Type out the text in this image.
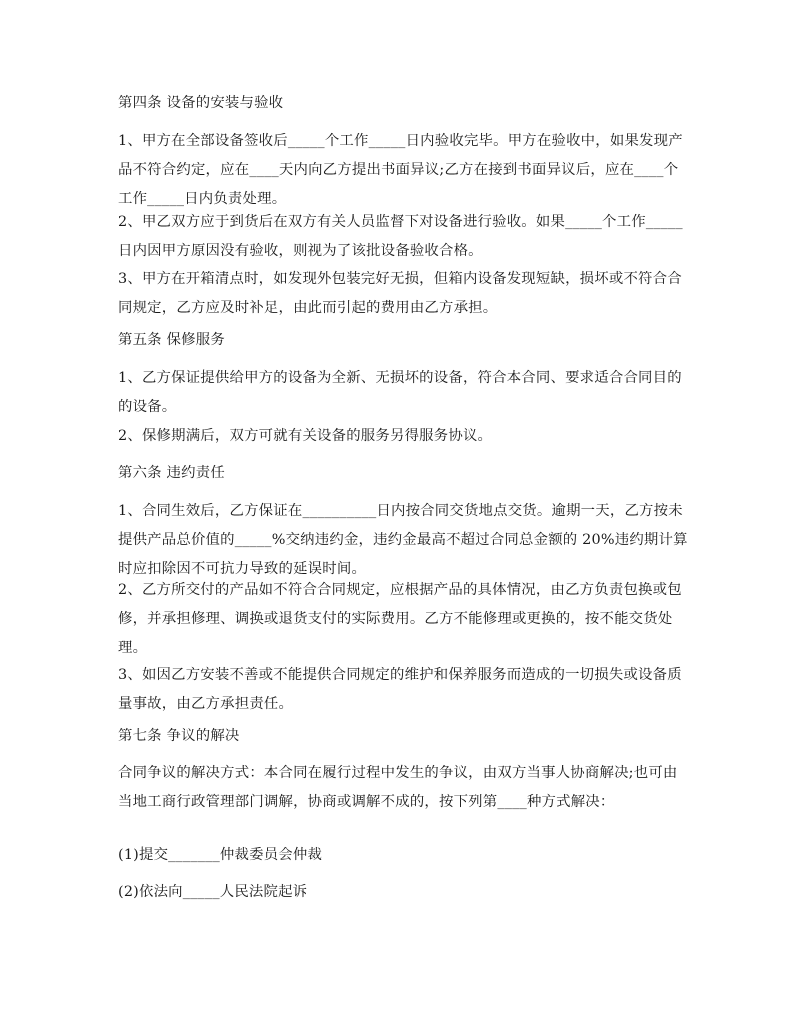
第四条 设备的安装与验收

1、甲方在全部设备签收后_____个工作_____日内验收完毕。甲方在验收中，如果发现产品不符合约定，应在____天内向乙方提出书面异议;乙方在接到书面异议后，应在____个工作_____日内负责处理。

2、甲乙双方应于到货后在双方有关人员监督下对设备进行验收。如果_____个工作_____日内因甲方原因没有验收，则视为了该批设备验收合格。

3、甲方在开箱清点时，如发现外包装完好无损，但箱内设备发现短缺，损坏或不符合合同规定，乙方应及时补足，由此而引起的费用由乙方承担。

第五条 保修服务

1、乙方保证提供给甲方的设备为全新、无损坏的设备，符合本合同、要求适合合同目的的设备。

2、保修期满后，双方可就有关设备的服务另得服务协议。

第六条 违约责任

1、合同生效后，乙方保证在__________日内按合同交货地点交货。逾期一天，乙方按未提供产品总价值的_____%交纳违约金，违约金最高不超过合同总金额的 20%违约期计算时应扣除因不可抗力导致的延误时间。

2、乙方所交付的产品如不符合合同规定，应根据产品的具体情况，由乙方负责包换或包修，并承担修理、调换或退货支付的实际费用。乙方不能修理或更换的，按不能交货处理。

3、如因乙方安装不善或不能提供合同规定的维护和保养服务而造成的一切损失或设备质量事故，由乙方承担责任。

第七条 争议的解决

合同争议的解决方式：本合同在履行过程中发生的争议，由双方当事人协商解决;也可由当地工商行政管理部门调解，协商或调解不成的，按下列第____种方式解决：

(1)提交_______仲裁委员会仲裁

(2)依法向_____人民法院起诉
